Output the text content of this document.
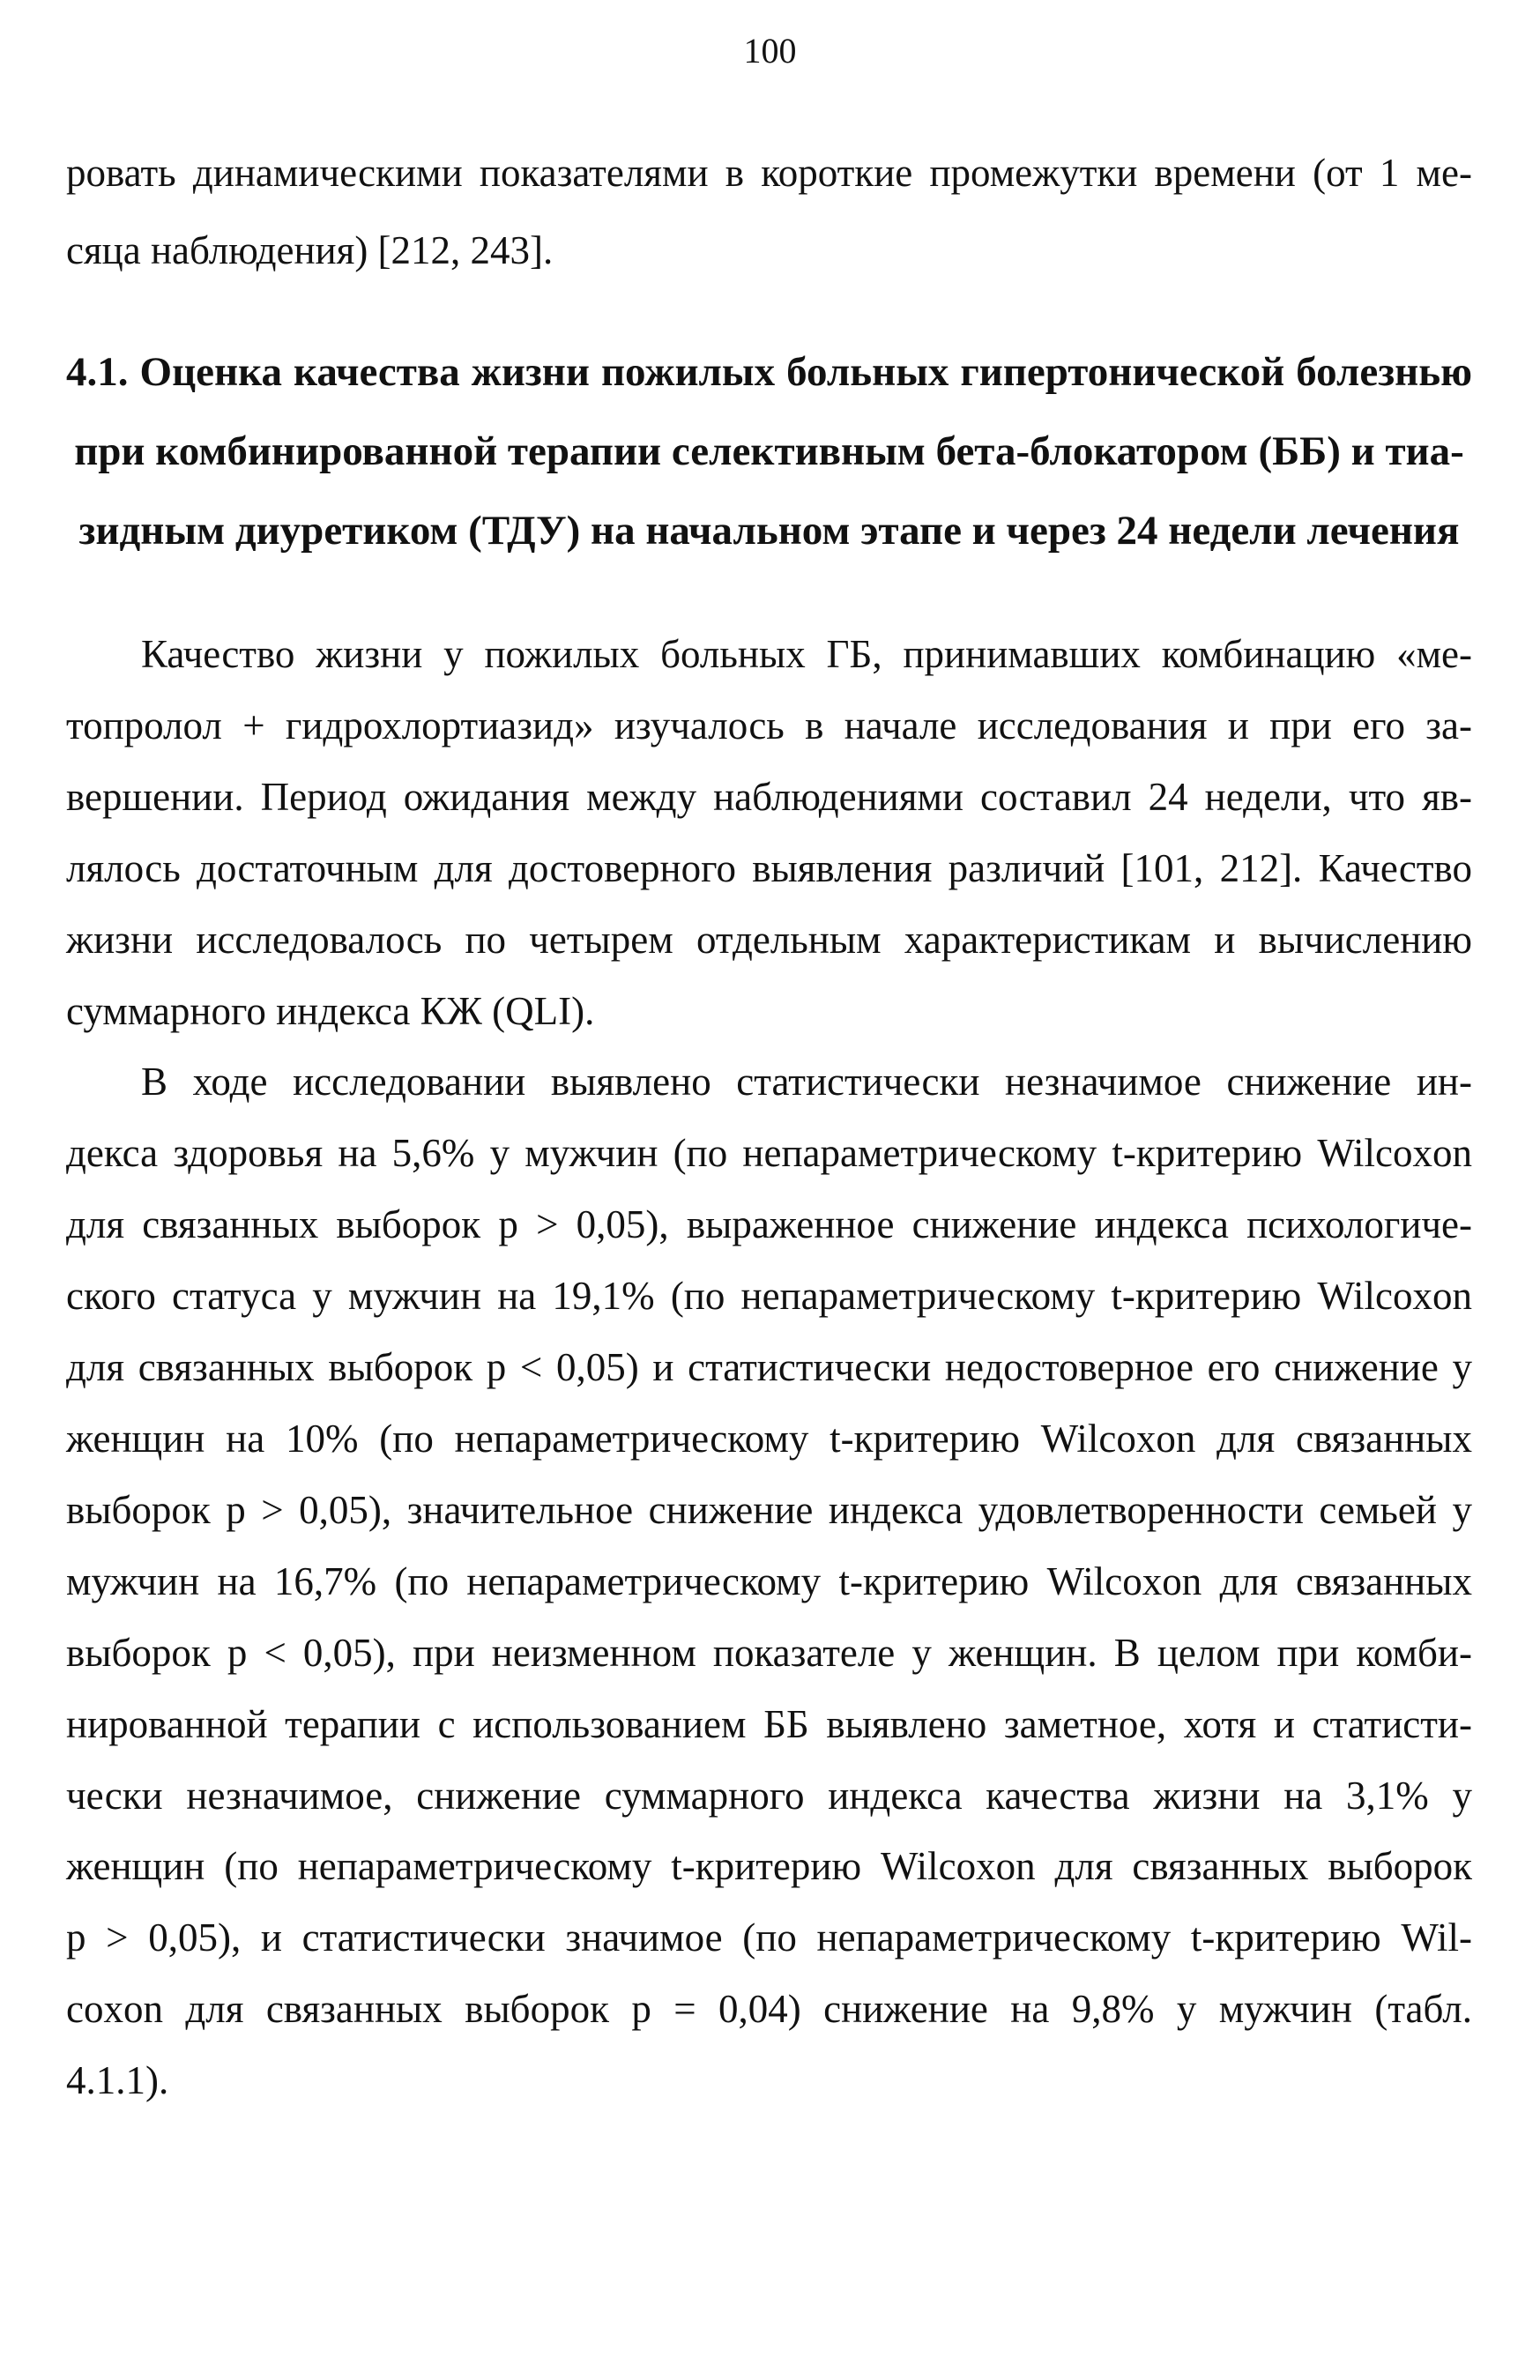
100
ровать динамическими показателями в короткие промежутки времени (от 1 ме-
сяца наблюдения) [212, 243].
4.1. Оценка качества жизни пожилых больных гипертонической болезнью
при комбинированной терапии селективным бета-блокатором (ББ) и тиа-
зидным диуретиком (ТДУ) на начальном этапе и через 24 недели лечения
Качество жизни у пожилых больных ГБ, принимавших комбинацию «ме-
топролол + гидрохлортиазид» изучалось в начале исследования и при его за-
вершении. Период ожидания между наблюдениями составил 24 недели, что яв-
лялось достаточным для достоверного выявления различий [101, 212]. Качество
жизни исследовалось по четырем отдельным характеристикам и вычислению
суммарного индекса КЖ (QLI).
В ходе исследовании выявлено статистически незначимое снижение ин-
декса здоровья на 5,6% у мужчин (по непараметрическому t-критерию Wilcoxon
для связанных выборок р > 0,05), выраженное снижение индекса психологиче-
ского статуса у мужчин на 19,1% (по непараметрическому t-критерию Wilcoxon
для связанных выборок р < 0,05) и статистически недостоверное его снижение у
женщин на 10% (по непараметрическому t-критерию Wilcoxon для связанных
выборок р > 0,05), значительное снижение индекса удовлетворенности семьей у
мужчин на 16,7% (по непараметрическому t-критерию Wilcoxon для связанных
выборок р < 0,05), при неизменном показателе у женщин. В целом при комби-
нированной терапии с использованием ББ выявлено заметное, хотя и статисти-
чески незначимое, снижение суммарного индекса качества жизни на 3,1% у
женщин (по непараметрическому t-критерию Wilcoxon для связанных выборок
р > 0,05), и статистически значимое (по непараметрическому t-критерию Wil-
coxon для связанных выборок р = 0,04) снижение на 9,8% у мужчин (табл.
4.1.1).
